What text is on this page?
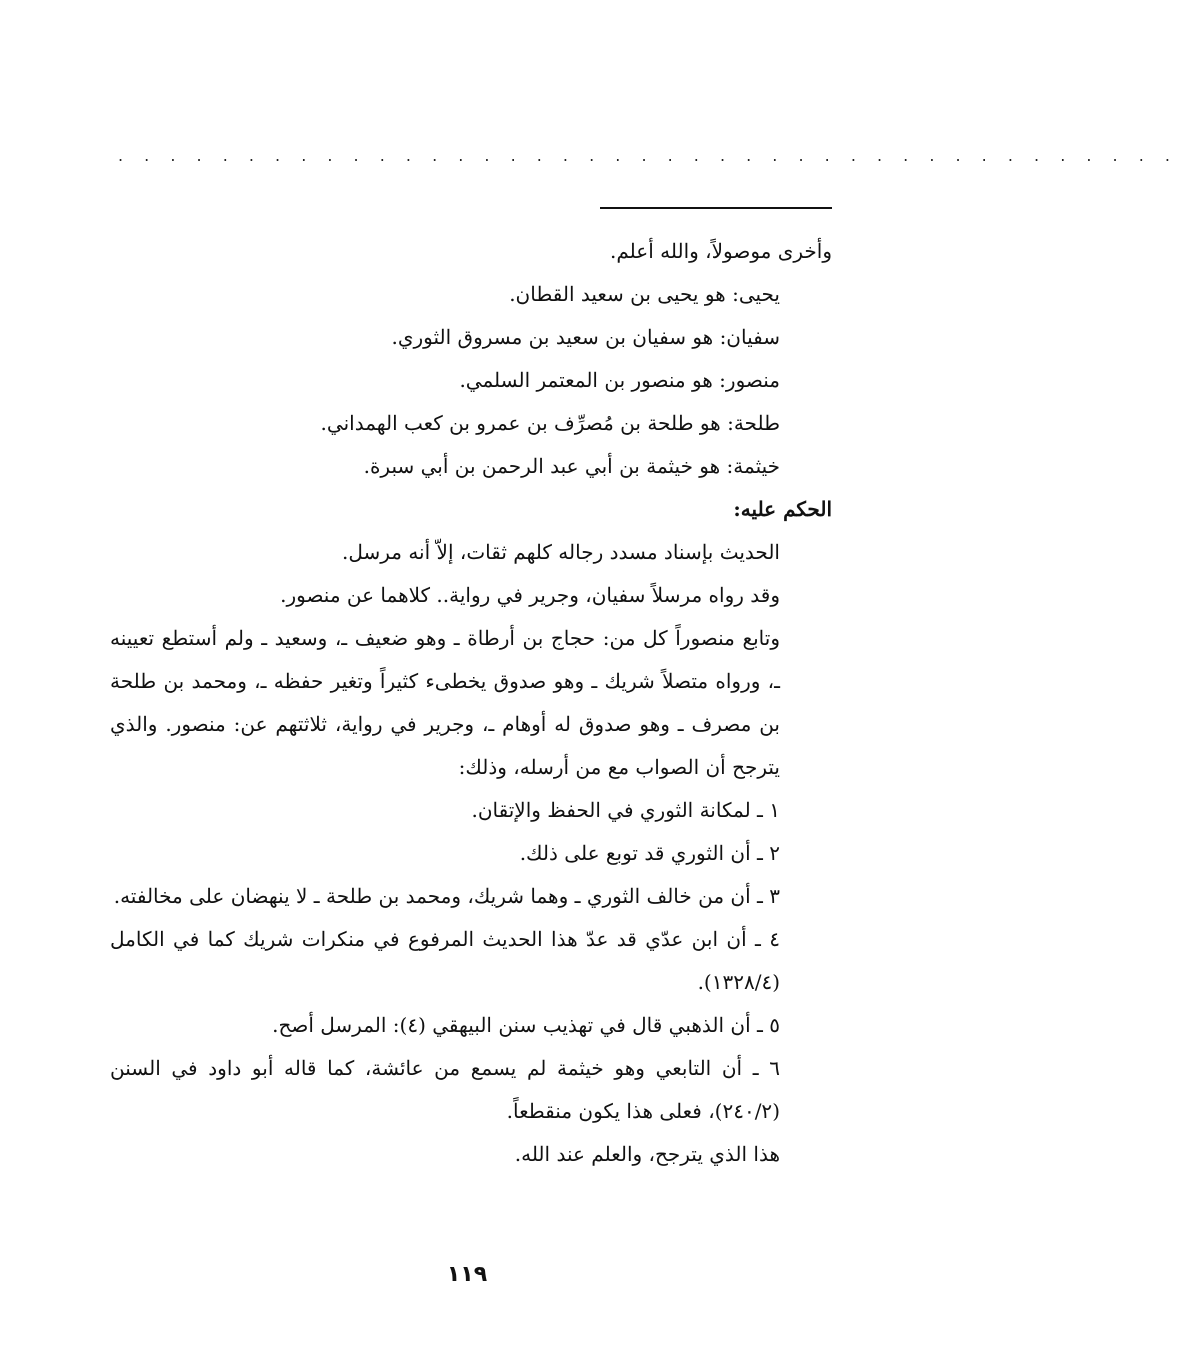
. . . . . . . . . . . . . . . . . . . . . . . . . . . . . . . . . . . . . . . . .

وأخرى موصولاً، والله أعلم.

يحيى: هو يحيى بن سعيد القطان.

سفيان: هو سفيان بن سعيد بن مسروق الثوري.

منصور: هو منصور بن المعتمر السلمي.

طلحة: هو طلحة بن مُصرِّف بن عمرو بن كعب الهمداني.

خيثمة: هو خيثمة بن أبي عبد الرحمن بن أبي سبرة.

الحكم عليه:

الحديث بإسناد مسدد رجاله كلهم ثقات، إلاّ أنه مرسل.

وقد رواه مرسلاً سفيان، وجرير في رواية.. كلاهما عن منصور.

وتابع منصوراً كل من: حجاج بن أرطاة ـ وهو ضعيف ـ، وسعيد ـ ولم أستطع تعيينه ـ، ورواه متصلاً شريك ـ وهو صدوق يخطىء كثيراً وتغير حفظه ـ، ومحمد بن طلحة بن مصرف ـ وهو صدوق له أوهام ـ، وجرير في رواية، ثلاثتهم عن: منصور. والذي يترجح أن الصواب مع من أرسله، وذلك:

١ ـ لمكانة الثوري في الحفظ والإتقان.

٢ ـ أن الثوري قد توبع على ذلك.

٣ ـ أن من خالف الثوري ـ وهما شريك، ومحمد بن طلحة ـ لا ينهضان على مخالفته.

٤ ـ أن ابن عدّي قد عدّ هذا الحديث المرفوع في منكرات شريك كما في الكامل (١٣٢٨/٤).

٥ ـ أن الذهبي قال في تهذيب سنن البيهقي (٤): المرسل أصح.

٦ ـ أن التابعي وهو خيثمة لم يسمع من عائشة، كما قاله أبو داود في السنن (٢٤٠/٢)، فعلى هذا يكون منقطعاً.

هذا الذي يترجح، والعلم عند الله.

١١٩
